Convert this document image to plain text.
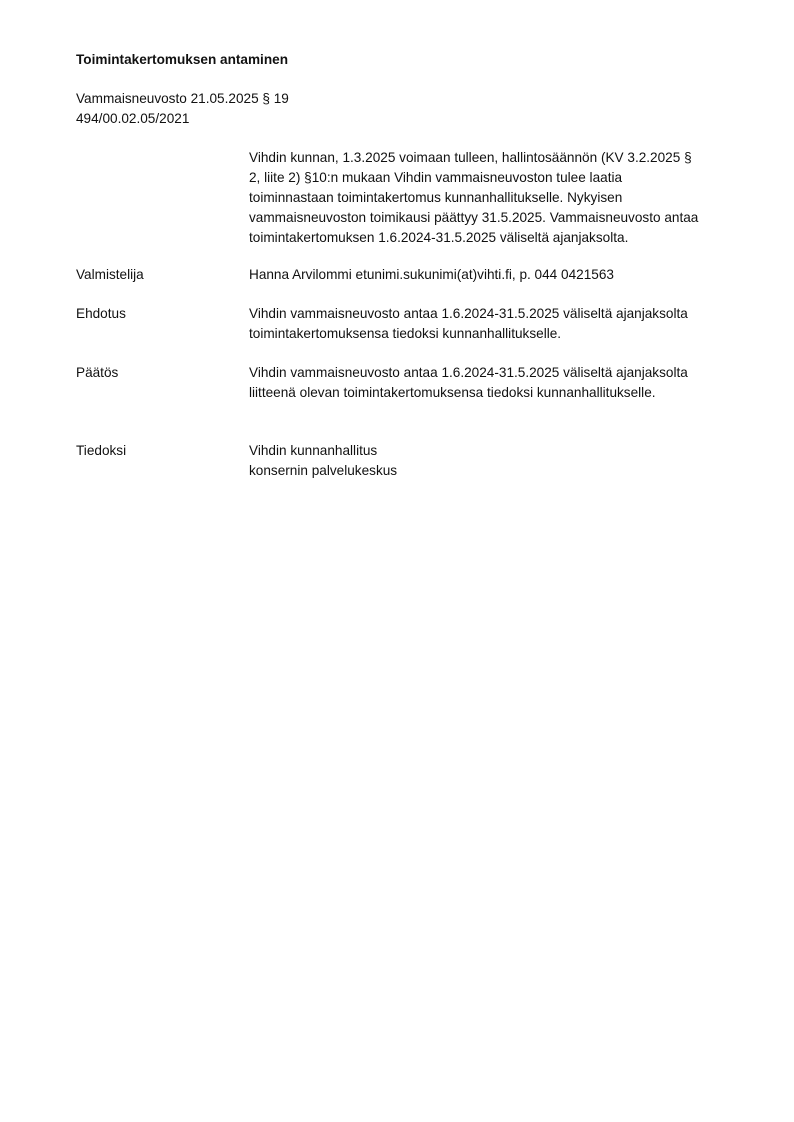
Toimintakertomuksen antaminen
Vammaisneuvosto 21.05.2025 § 19
494/00.02.05/2021
Vihdin kunnan, 1.3.2025 voimaan tulleen, hallintosäännön (KV 3.2.2025 §
2, liite 2) §10:n mukaan Vihdin vammaisneuvoston tulee laatia
toiminnastaan toimintakertomus kunnanhallitukselle. Nykyisen
vammaisneuvoston toimikausi päättyy 31.5.2025. Vammaisneuvosto antaa
toimintakertomuksen 1.6.2024-31.5.2025 väliseltä ajanjaksolta.
Valmistelija	Hanna Arvilommi etunimi.sukunimi(at)vihti.fi, p. 044 0421563
Ehdotus	Vihdin vammaisneuvosto antaa 1.6.2024-31.5.2025 väliseltä ajanjaksolta
toimintakertomuksensa tiedoksi kunnanhallitukselle.
Päätös	Vihdin vammaisneuvosto antaa 1.6.2024-31.5.2025 väliseltä ajanjaksolta
liitteenä olevan toimintakertomuksensa tiedoksi kunnanhallitukselle.
Tiedoksi	Vihdin kunnanhallitus
konsernin palvelukeskus
